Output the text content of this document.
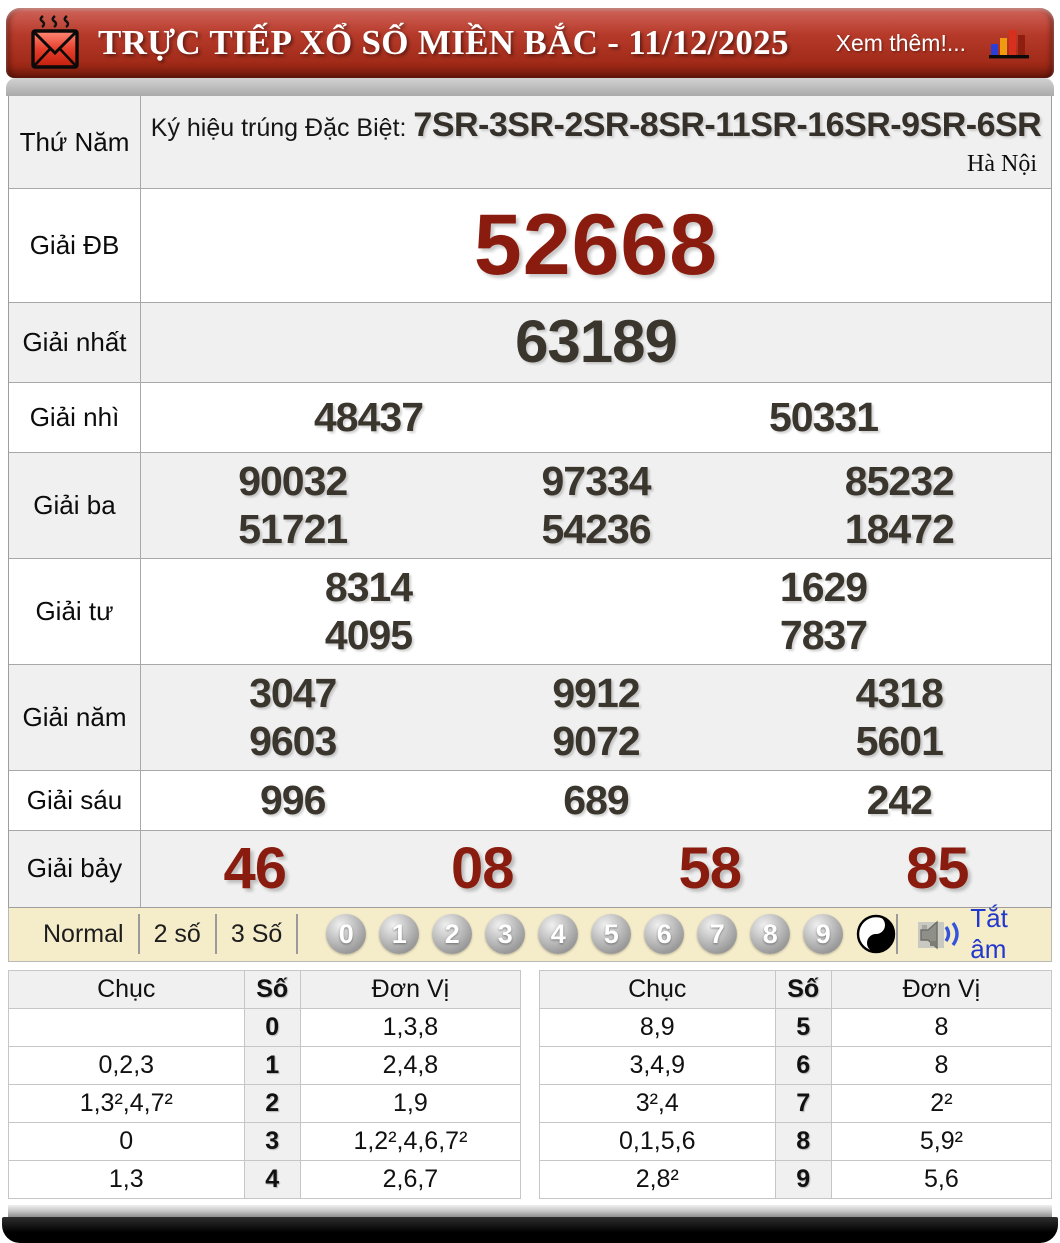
TRỰC TIẾP XỔ SỐ MIỀN BẮC - 11/12/2025	Xem thêm!...
Thứ Năm Ký hiệu trúng Đặc Biệt: 7SR-3SR-2SR-8SR-11SR-16SR-9SR-6SR
Hà Nội
Giải ĐB	52668
Giải nhất	63189
Giải nhì	48437	50331
Giải ba
90032	97334	85232
51721	54236	18472
Giải tư
8314	1629
4095	7837
Giải năm
3047	9912	4318
9603	9072	5601
Giải sáu	996	689	242
Giải bảy	46	08	58	85
Normal	2 số	3 Số	0	1	2	3	4	5	6	7	8	9
Tắt âm
Chục	Số	Đơn Vị
	0	1,3,8
0,2,3	1	2,4,8
1,3²,4,7²	2	1,9
0	3	1,2²,4,6,7²
1,3	4	2,6,7
Chục	Số	Đơn Vị
8,9	5	8
3,4,9	6	8
3²,4	7	2²
0,1,5,6	8	5,9²
2,8²	9	5,6
